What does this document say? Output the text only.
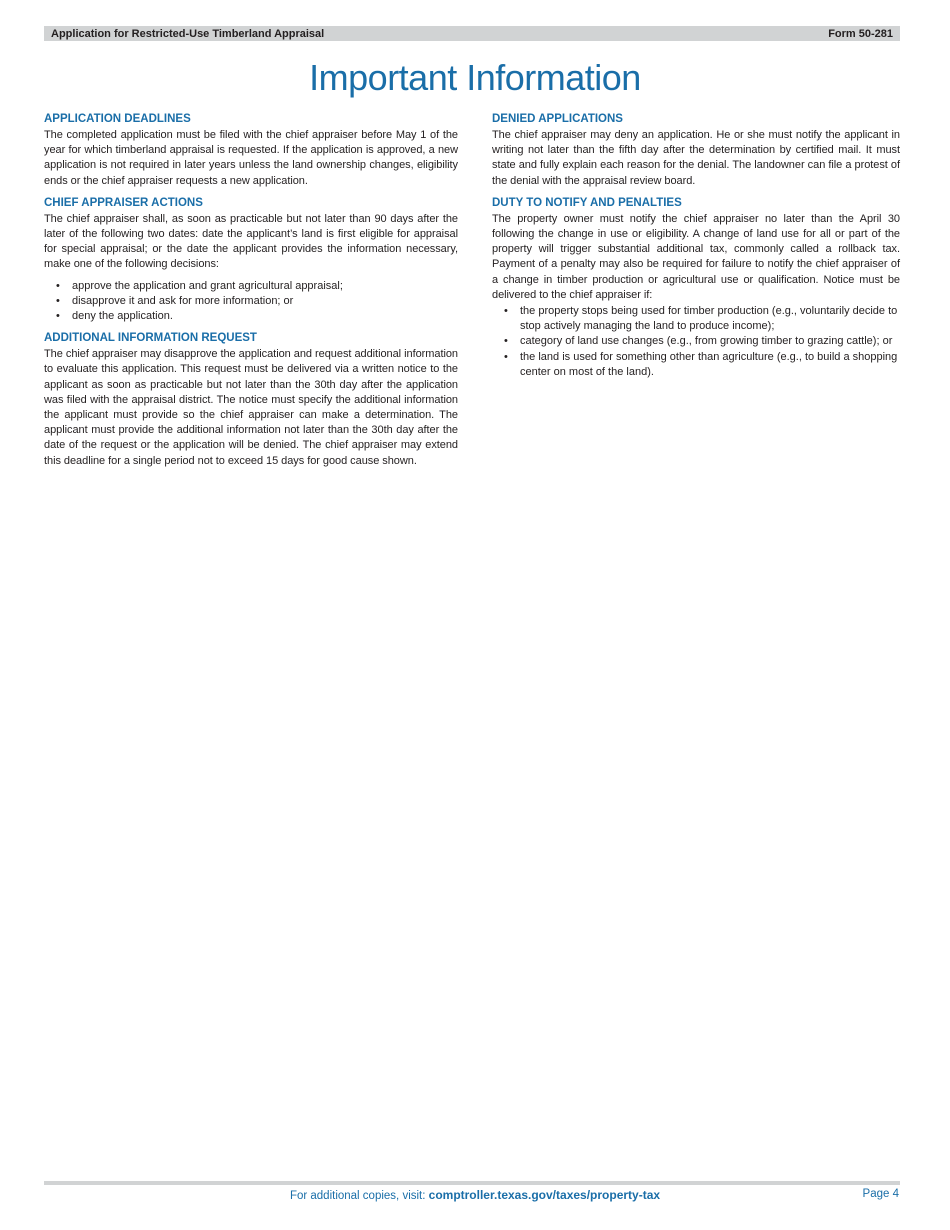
Application for Restricted-Use Timberland Appraisal	Form 50-281
Important Information
APPLICATION DEADLINES

The completed application must be filed with the chief appraiser before May 1 of the year for which timberland appraisal is requested. If the application is approved, a new application is not required in later years unless the land ownership changes, eligibility ends or the chief appraiser requests a new application.

CHIEF APPRAISER ACTIONS

The chief appraiser shall, as soon as practicable but not later than 90 days after the later of the following two dates: date the applicant’s land is first eligible for appraisal for special appraisal; or the date the applicant provides the information necessary, make one of the following decisions:

• approve the application and grant agricultural appraisal;
• disapprove it and ask for more information; or
• deny the application.
ADDITIONAL INFORMATION REQUEST

The chief appraiser may disapprove the application and request additional information to evaluate this application. This request must be delivered via a written notice to the applicant as soon as practicable but not later than the 30th day after the application was filed with the appraisal district. The notice must specify the additional information the applicant must provide so the chief appraiser can make a determination. The applicant must provide the additional information not later than the 30th day after the date of the request or the application will be denied. The chief appraiser may extend this deadline for a single period not to exceed 15 days for good cause shown.

DENIED APPLICATIONS

The chief appraiser may deny an application. He or she must notify the applicant in writing not later than the fifth day after the determination by certified mail. It must state and fully explain each reason for the denial. The landowner can file a protest of the denial with the appraisal review board.

DUTY TO NOTIFY AND PENALTIES

The property owner must notify the chief appraiser no later than the April 30 following the change in use or eligibility. A change of land use for all or part of the property will trigger substantial additional tax, commonly called a rollback tax. Payment of a penalty may also be required for failure to notify the chief appraiser of a change in timber production or agricultural use or qualification. Notice must be delivered to the chief appraiser if:

• the property stops being used for timber production (e.g., voluntarily decide to stop actively managing the land to produce income);
• category of land use changes (e.g., from growing timber to grazing cattle); or
• the land is used for something other than agriculture (e.g., to build a shopping center on most of the land).
For additional copies, visit: comptroller.texas.gov/taxes/property-tax	Page 4
